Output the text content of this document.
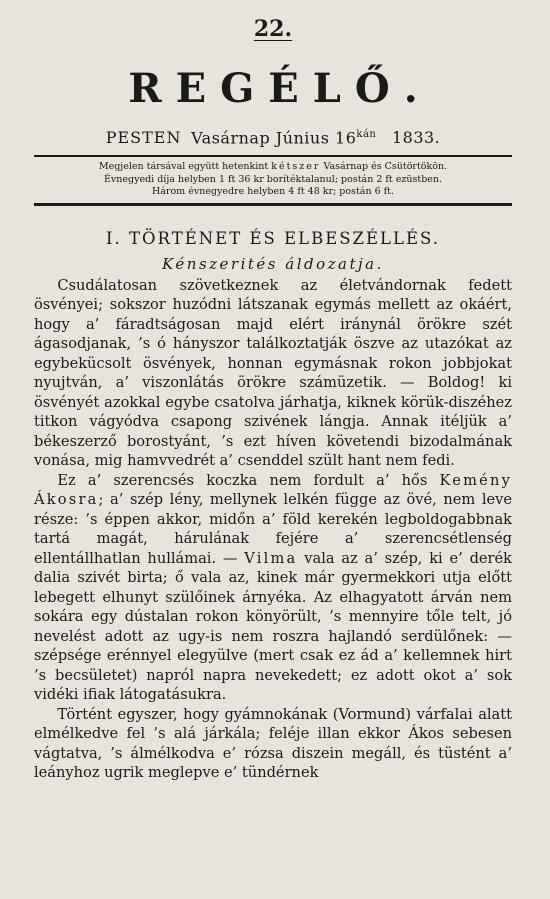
22.
REGÉLŐ.
PESTEN Vasárnap Június $16^{kán}$ 1833.
Megjelen társával együtt hetenkint kétszer Vasárnap és Csütörtökön.
Évnegyedi díja helyben 1 ft 36 kr borítéktalanul; postán 2 ft ezüstben.
Három évnegyedre helyben 4 ft 48 kr; postán 6 ft.
I. TÖRTÉNET ÉS ELBESZÉLLÉS.
Kénszerités áldozatja.

Csudálatosan szövetkeznek az életvándornak fedett ösvényei; sokszor huzódni látszanak egymás mellett az okáért, hogy a’ fáradtságosan majd elért iránynál örökre szét ágasodjanak, ’s ó hányszor találkoztatják öszve az utazókat az egybekücsolt ösvények, honnan egymásnak rokon jobbjokat nyujtván, a’ viszonlátás örökre számüzetik. — Boldog! ki ösvényét azokkal egybe csatolva járhatja, kiknek körük-diszéhez titkon vágyódva csapong szivének lángja. Annak itéljük a’ békeszerző borostyánt, ’s ezt híven követendi bizodalmának vonása, mig hamvvedrét a’ csenddel szült hant nem fedi.

Ez a’ szerencsés koczka nem fordult a’ hős Kemény Ákosra; a’ szép lény, mellynek lelkén függe az övé, nem leve része: ’s éppen akkor, midőn a’ föld kerekén legboldogabbnak tartá magát, hárulának fejére a’ szerencsétlenség ellentállhatlan hullámai. — Vilma vala az a’ szép, ki e’ derék dalia szivét birta; ő vala az, kinek már gyermekkori utja előtt lebegett elhunyt szülőinek árnyéka. Az elhagyatott árván nem sokára egy dústalan rokon könyörült, ’s mennyire tőle telt, jó nevelést adott az ugy-is nem roszra hajlandó serdülőnek: — szépsége erénnyel elegyülve (mert csak ez ád a’ kellemnek hirt ’s becsületet) napról napra nevekedett; ez adott okot a’ sok vidéki ifiak látogatásukra.

Történt egyszer, hogy gyámnokának (Vormund) várfalai alatt elmélkedve fel ’s alá járkála; feléje illan ekkor Ákos sebesen vágtatva, ’s álmélkodva e’ rózsa diszein megáll, és tüstént a’ leányhoz ugrik meglepve e’ tündérnek
